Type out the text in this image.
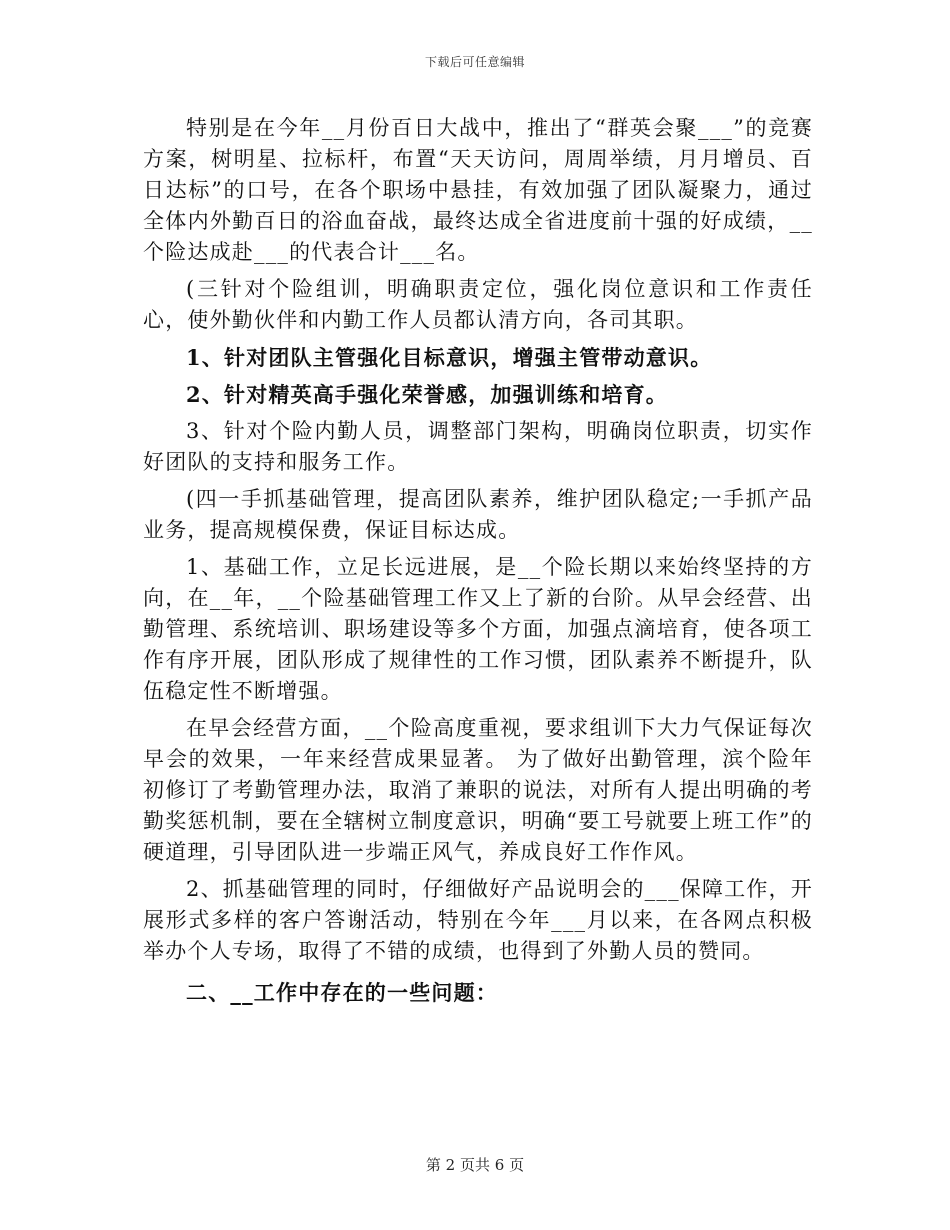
下载后可任意编辑

特别是在今年__月份百日大战中，推出了“群英会聚___”的竞赛方案，树明星、拉标杆，布置“天天访问，周周举绩，月月增员、百日达标”的口号，在各个职场中悬挂，有效加强了团队凝聚力，通过全体内外勤百日的浴血奋战，最终达成全省进度前十强的好成绩，__个险达成赴___的代表合计___名。

(三针对个险组训，明确职责定位，强化岗位意识和工作责任心，使外勤伙伴和内勤工作人员都认清方向，各司其职。

1、针对团队主管强化目标意识，增强主管带动意识。

2、针对精英高手强化荣誉感，加强训练和培育。

3、针对个险内勤人员，调整部门架构，明确岗位职责，切实作好团队的支持和服务工作。

(四一手抓基础管理，提高团队素养，维护团队稳定;一手抓产品业务，提高规模保费，保证目标达成。

1、基础工作，立足长远进展，是__个险长期以来始终坚持的方向，在__年，__个险基础管理工作又上了新的台阶。从早会经营、出勤管理、系统培训、职场建设等多个方面，加强点滴培育，使各项工作有序开展，团队形成了规律性的工作习惯，团队素养不断提升，队伍稳定性不断增强。

在早会经营方面，__个险高度重视，要求组训下大力气保证每次早会的效果，一年来经营成果显著。 为了做好出勤管理，滨个险年初修订了考勤管理办法，取消了兼职的说法，对所有人提出明确的考勤奖惩机制，要在全辖树立制度意识，明确“要工号就要上班工作”的硬道理，引导团队进一步端正风气，养成良好工作作风。

2、抓基础管理的同时，仔细做好产品说明会的___保障工作，开展形式多样的客户答谢活动，特别在今年___月以来，在各网点积极举办个人专场，取得了不错的成绩，也得到了外勤人员的赞同。

二、__工作中存在的一些问题：

第 2 页共 6 页
